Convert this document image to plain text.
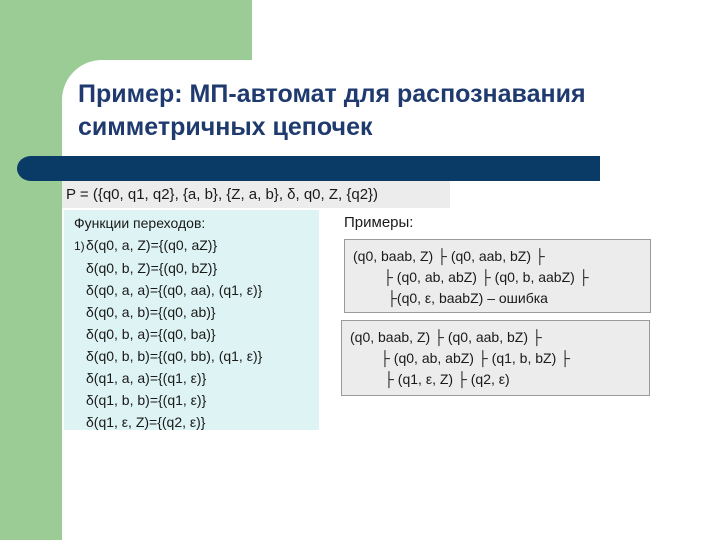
Пример: МП-автомат для распознавания симметричных цепочек
P = ({q0, q1, q2}, {a, b}, {Z, a, b}, δ, q0, Z, {q2})
Функции переходов:
1)δ(q0, a, Z)={(q0, aZ)}
δ(q0, b, Z)={(q0, bZ)}
δ(q0, a, a)={(q0, aa), (q1, ε)}
δ(q0, a, b)={(q0, ab)}
δ(q0, b, a)={(q0, ba)}
δ(q0, b, b)={(q0, bb), (q1, ε)}
δ(q1, a, a)={(q1, ε)}
δ(q1, b, b)={(q1, ε)}
δ(q1, ε, Z)={(q2, ε)}
Примеры:
(q0, baab, Z) ├ (q0, aab, bZ) ├
├ (q0, ab, abZ) ├ (q0, b, aabZ) ├
├(q0, ε, baabZ) – ошибка
(q0, baab, Z) ├ (q0, aab, bZ) ├
├ (q0, ab, abZ) ├ (q1, b, bZ) ├
├ (q1, ε, Z) ├ (q2, ε)
